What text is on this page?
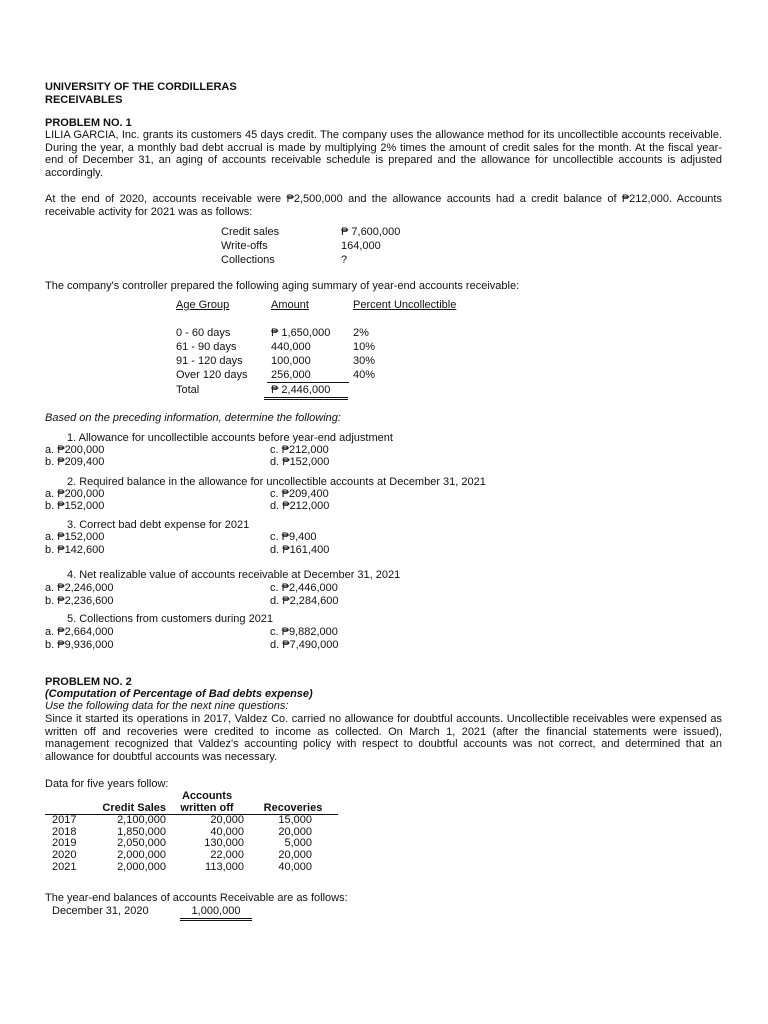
UNIVERSITY OF THE CORDILLERAS
RECEIVABLES
PROBLEM NO. 1
LILIA GARCIA, Inc. grants its customers 45 days credit. The company uses the allowance method for its uncollectible accounts receivable. During the year, a monthly bad debt accrual is made by multiplying 2% times the amount of credit sales for the month. At the fiscal year-end of December 31, an aging of accounts receivable schedule is prepared and the allowance for uncollectible accounts is adjusted accordingly.
At the end of 2020, accounts receivable were ₱2,500,000 and the allowance accounts had a credit balance of ₱212,000. Accounts receivable activity for 2021 was as follows:
Credit sales	₱ 7,600,000
Write-offs	164,000
Collections	?
The company's controller prepared the following aging summary of year-end accounts receivable:
Age Group	Amount	Percent Uncollectible
0 - 60 days	₱ 1,650,000 2%
61 - 90 days	440,000	10%
91 - 120 days	100,000	30%
Over 120 days	256,000	40%
Total	₱ 2,446,000
Based on the preceding information, determine the following:
1. Allowance for uncollectible accounts before year-end adjustment
a. ₱200,000	c. ₱212,000
b. ₱209,400	d. ₱152,000
2. Required balance in the allowance for uncollectible accounts at December 31, 2021
a. ₱200,000	c. ₱209,400
b. ₱152,000	d. ₱212,000
3. Correct bad debt expense for 2021
a. ₱152,000	c. ₱9,400
b. ₱142,600	d. ₱161,400
4. Net realizable value of accounts receivable at December 31, 2021
a. ₱2,246,000	c. ₱2,446,000
b. ₱2,236,600	d. ₱2,284,600
5. Collections from customers during 2021
a. ₱2,664,000	c. ₱9,882,000
b. ₱9,936,000	d. ₱7,490,000
PROBLEM NO. 2
(Computation of Percentage of Bad debts expense)
Use the following data for the next nine questions:
Since it started its operations in 2017, Valdez Co. carried no allowance for doubtful accounts. Uncollectible receivables were expensed as written off and recoveries were credited to income as collected. On March 1, 2021 (after the financial statements were issued), management recognized that Valdez's accounting policy with respect to doubtful accounts was not correct, and determined that an allowance for doubtful accounts was necessary.
Data for five years follow:
		Accounts	
	Credit Sales	written off	Recoveries
2017	2,100,000	20,000	15,000
2018	1,850,000	40,000	20,000
2019	2,050,000	130,000	5,000
2020	2,000,000	22,000	20,000
2021	2,000,000	113,000	40,000
The year-end balances of accounts Receivable are as follows:
December 31, 2020	1,000,000
